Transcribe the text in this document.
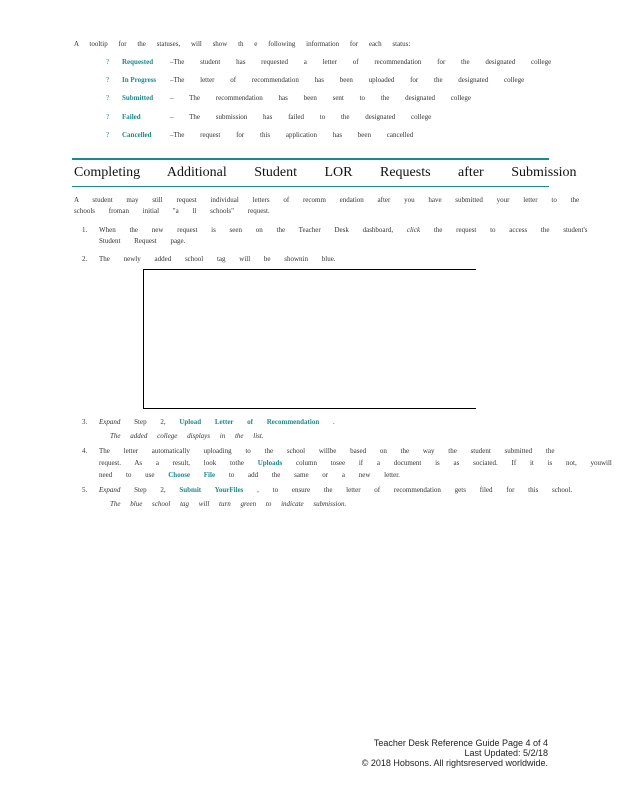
A tooltip for the statuses, will show th e following information for each status:
? Requested –The student has requested a letter of recommendation for the designated college
? In Progress –The letter of recommendation has been uploaded for the designated college
? Submitted – The recommendation has been sent to the designated college
? Failed	– The submission has failed to the designated college
? Cancelled	–The request for this application has been cancelled
Completing Additional Student LOR Requests after Submission
A student may still request individual letters of recomm endation after you have submitted your letter to the
schools froman initial "a ll schools" request.
1. When the new request is seen on the Teacher Desk dashboard, click the request to access the student's
Student Request page.
2. The newly added school tag will be shownin blue.
3. Expand Step 2, Upload Letter of Recommendation .
The added college displays in the list.
4. The letter automatically uploading to the school willbe based on the way the student submitted the
request. As a result, look tothe Uploads column tosee if a document is as sociated. If it is not, youwill
need to use Choose File to add the same or a new letter.
5. Expand Step 2, Submit YourFiles , to ensure the letter of recommendation gets filed for this school.
The blue school tag will turn green to indicate submission.
Teacher Desk Reference Guide Page 4 of 4
Last Updated: 5/2/18
© 2018 Hobsons. All rightsreserved worldwide.
